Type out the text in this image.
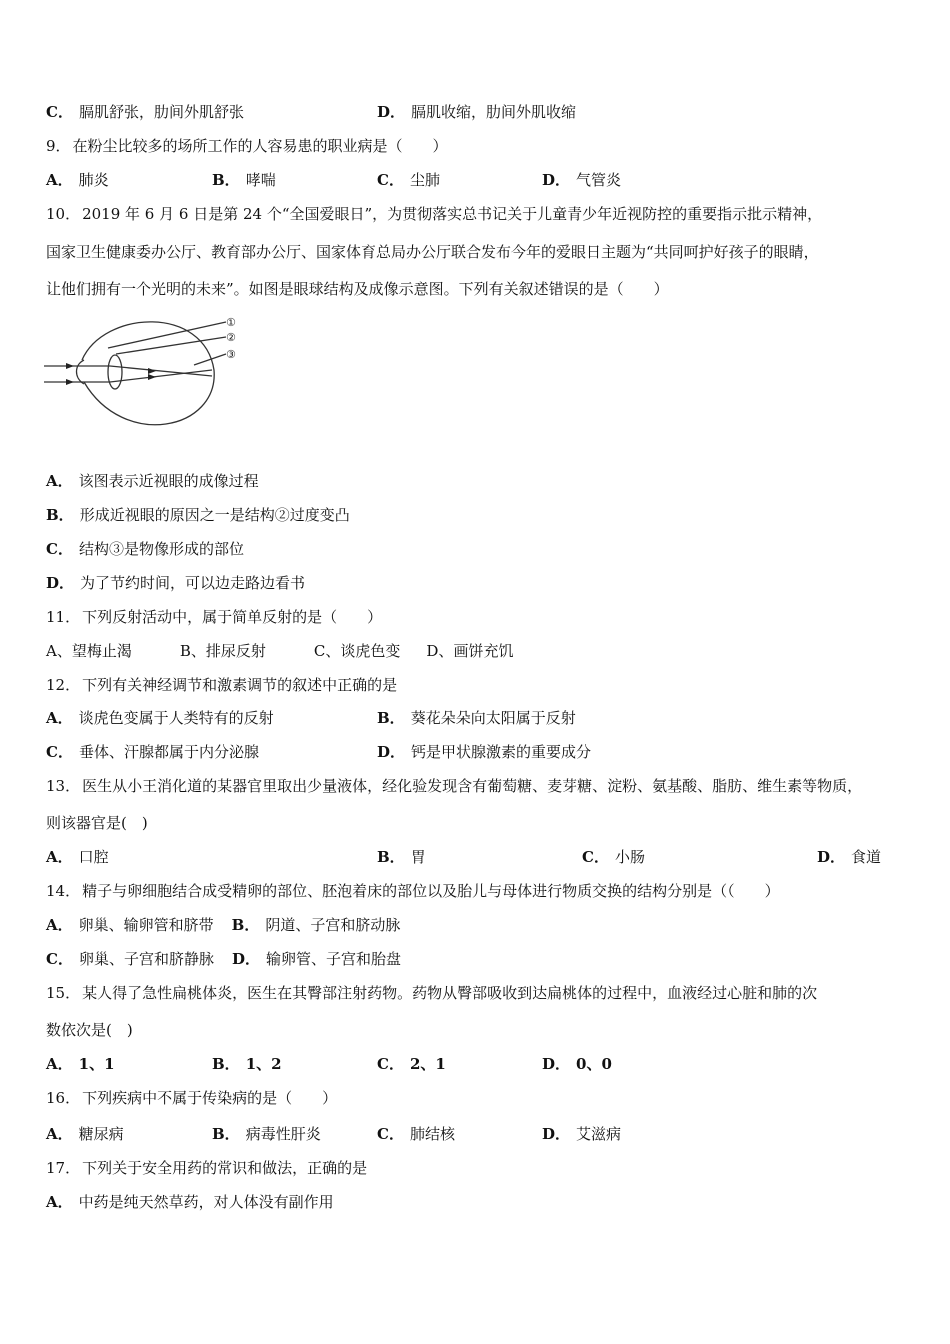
C． 膈肌舒张，肋间外肌舒张	D． 膈肌收缩，肋间外肌收缩
9． 在粉尘比较多的场所工作的人容易患的职业病是（　　）
A． 肺炎	B． 哮喘	C． 尘肺	D． 气管炎
10． 2019 年 6 月 6 日是第 24 个“全国爱眼日”，为贯彻落实总书记关于儿童青少年近视防控的重要指示批示精神，
国家卫生健康委办公厅、教育部办公厅、国家体育总局办公厅联合发布今年的爱眼日主题为“共同呵护好孩子的眼睛，
让他们拥有一个光明的未来”。如图是眼球结构及成像示意图。下列有关叙述错误的是（　　）
①
②
③
A． 该图表示近视眼的成像过程
B． 形成近视眼的原因之一是结构②过度变凸
C． 结构③是物像形成的部位
D． 为了节约时间，可以边走路边看书
11． 下列反射活动中，属于简单反射的是（　　）
A、望梅止渴	B、排尿反射	C、谈虎色变 D、画饼充饥
12． 下列有关神经调节和激素调节的叙述中正确的是
A． 谈虎色变属于人类特有的反射	B． 葵花朵朵向太阳属于反射
C． 垂体、汗腺都属于内分泌腺	D． 钙是甲状腺激素的重要成分
13． 医生从小王消化道的某器官里取出少量液体，经化验发现含有葡萄糖、麦芽糖、淀粉、氨基酸、脂肪、维生素等物质，
则该器官是(　)
A． 口腔	B． 胃	C． 小肠	D． 食道
14． 精子与卵细胞结合成受精卵的部位、胚泡着床的部位以及胎儿与母体进行物质交换的结构分别是（（　　）
A． 卵巢、输卵管和脐带 B． 阴道、子宫和脐动脉
C． 卵巢、子宫和脐静脉 D． 输卵管、子宫和胎盘
15． 某人得了急性扁桃体炎，医生在其臀部注射药物。药物从臀部吸收到达扁桃体的过程中，血液经过心脏和肺的次
数依次是(　)
A． 1、1	B． 1、2	C． 2、1	D． 0、0
16． 下列疾病中不属于传染病的是（　　）
A． 糖尿病	B． 病毒性肝炎	C． 肺结核	D． 艾滋病
17． 下列关于安全用药的常识和做法，正确的是
A． 中药是纯天然草药，对人体没有副作用
